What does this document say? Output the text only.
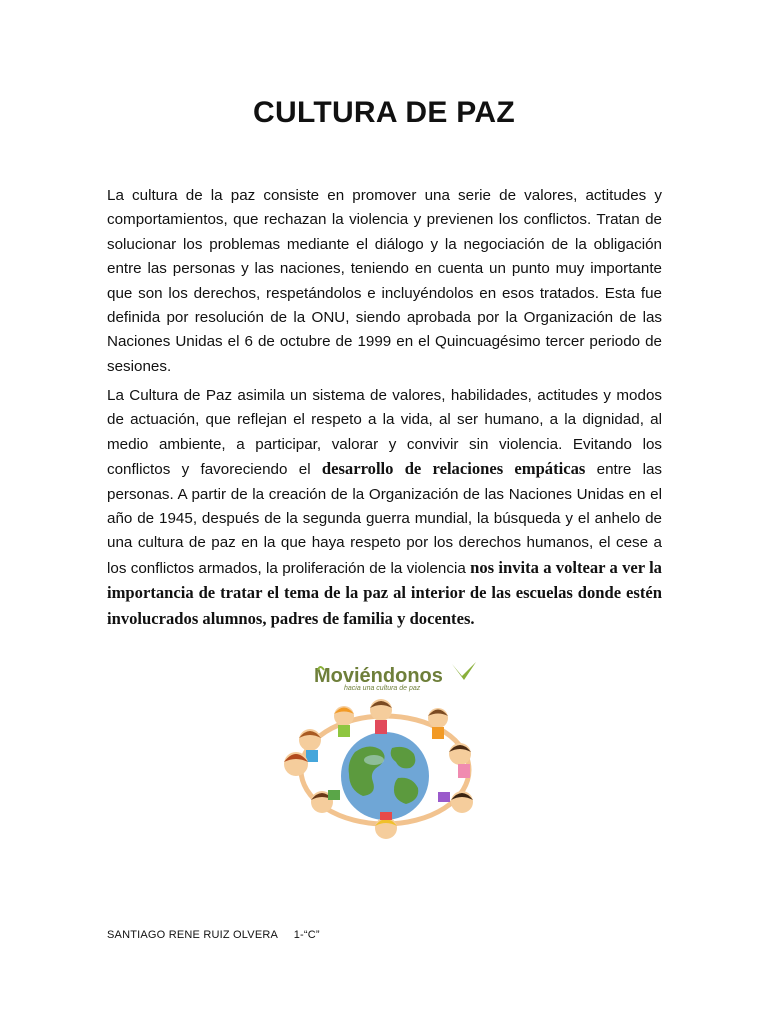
CULTURA DE PAZ

La cultura de la paz consiste en promover una serie de valores, actitudes y comportamientos, que rechazan la violencia y previenen los conflictos. Tratan de solucionar los problemas mediante el diálogo y la negociación de la obligación entre las personas y las naciones, teniendo en cuenta un punto muy importante que son los derechos, respetándolos e incluyéndolos en esos tratados. Esta fue definida por resolución de la ONU, siendo aprobada por la Organización de las Naciones Unidas el 6 de octubre de 1999 en el Quincuagésimo tercer periodo de sesiones.

La Cultura de Paz asimila un sistema de valores, habilidades, actitudes y modos de actuación, que reflejan el respeto a la vida, al ser humano, a la dignidad, al medio ambiente, a participar, valorar y convivir sin violencia. Evitando los conflictos y favoreciendo el desarrollo de relaciones empáticas entre las personas. A partir de la creación de la Organización de las Naciones Unidas en el año de 1945, después de la segunda guerra mundial, la búsqueda y el anhelo de una cultura de paz en la que haya respeto por los derechos humanos, el cese a los conflictos armados, la proliferación de la violencia nos invita a voltear a ver la importancia de tratar el tema de la paz al interior de las escuelas donde estén involucrados alumnos, padres de familia y docentes.

Moviéndonos
hacia una cultura de paz
SANTIAGO RENE RUIZ OLVERA 1-“C”
